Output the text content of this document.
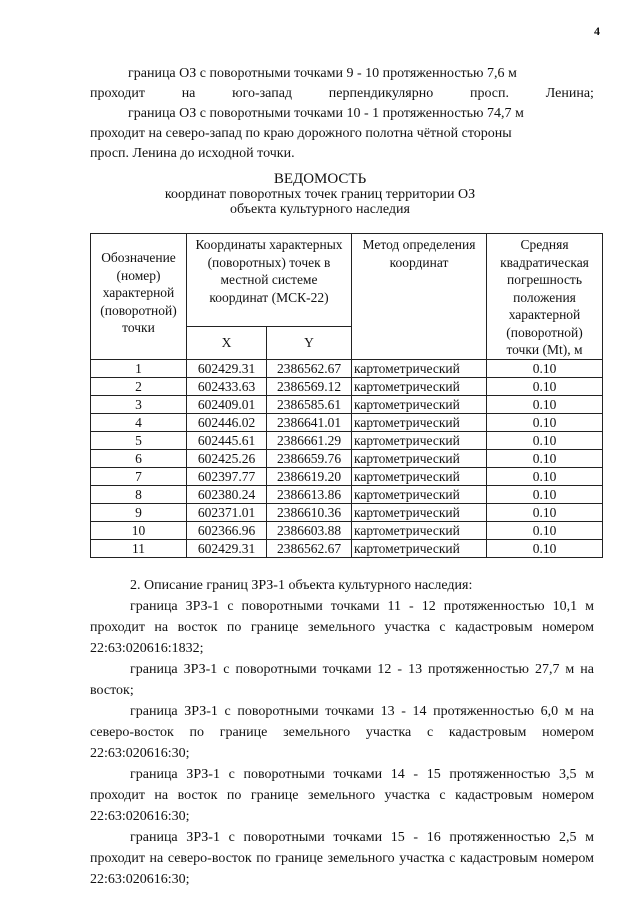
4

граница ОЗ с поворотными точками 9 - 10 протяженностью 7,6 м
проходит	на	юго-запад	перпендикулярно	просп.	Ленина;

граница ОЗ с поворотными точками 10 - 1 протяженностью 74,7 м
проходит на северо-запад по краю дорожного полотна чётной стороны
просп. Ленина до исходной точки.

ВЕДОМОСТЬ
координат поворотных точек границ территории ОЗ
объекта культурного наследия
Обозначение (номер) характерной (поворотной) точки	Координаты характерных (поворотных) точек в местной системе координат (МСК-22)		Метод определения координат	Средняя квадратическая погрешность положения характерной (поворотной) точки (Mt), м
	X	Y		
1	602429.31	2386562.67	картометрический	0.10
2	602433.63	2386569.12	картометрический	0.10
3	602409.01	2386585.61	картометрический	0.10
4	602446.02	2386641.01	картометрический	0.10
5	602445.61	2386661.29	картометрический	0.10
6	602425.26	2386659.76	картометрический	0.10
7	602397.77	2386619.20	картометрический	0.10
8	602380.24	2386613.86	картометрический	0.10
9	602371.01	2386610.36	картометрический	0.10
10	602366.96	2386603.88	картометрический	0.10
11	602429.31	2386562.67	картометрический	0.10
2. Описание границ ЗРЗ-1 объекта культурного наследия:
граница ЗРЗ-1 с поворотными точками 11 - 12 протяженностью 10,1 м проходит на восток по границе земельного участка с кадастровым номером 22:63:020616:1832;
граница ЗРЗ-1 с поворотными точками 12 - 13 протяженностью 27,7 м на восток;
граница ЗРЗ-1 с поворотными точками 13 - 14 протяженностью 6,0 м на северо-восток по границе земельного участка с кадастровым номером 22:63:020616:30;
граница ЗРЗ-1 с поворотными точками 14 - 15 протяженностью 3,5 м проходит на восток по границе земельного участка с кадастровым номером 22:63:020616:30;
граница ЗРЗ-1 с поворотными точками 15 - 16 протяженностью 2,5 м проходит на северо-восток по границе земельного участка с кадастровым номером 22:63:020616:30;
